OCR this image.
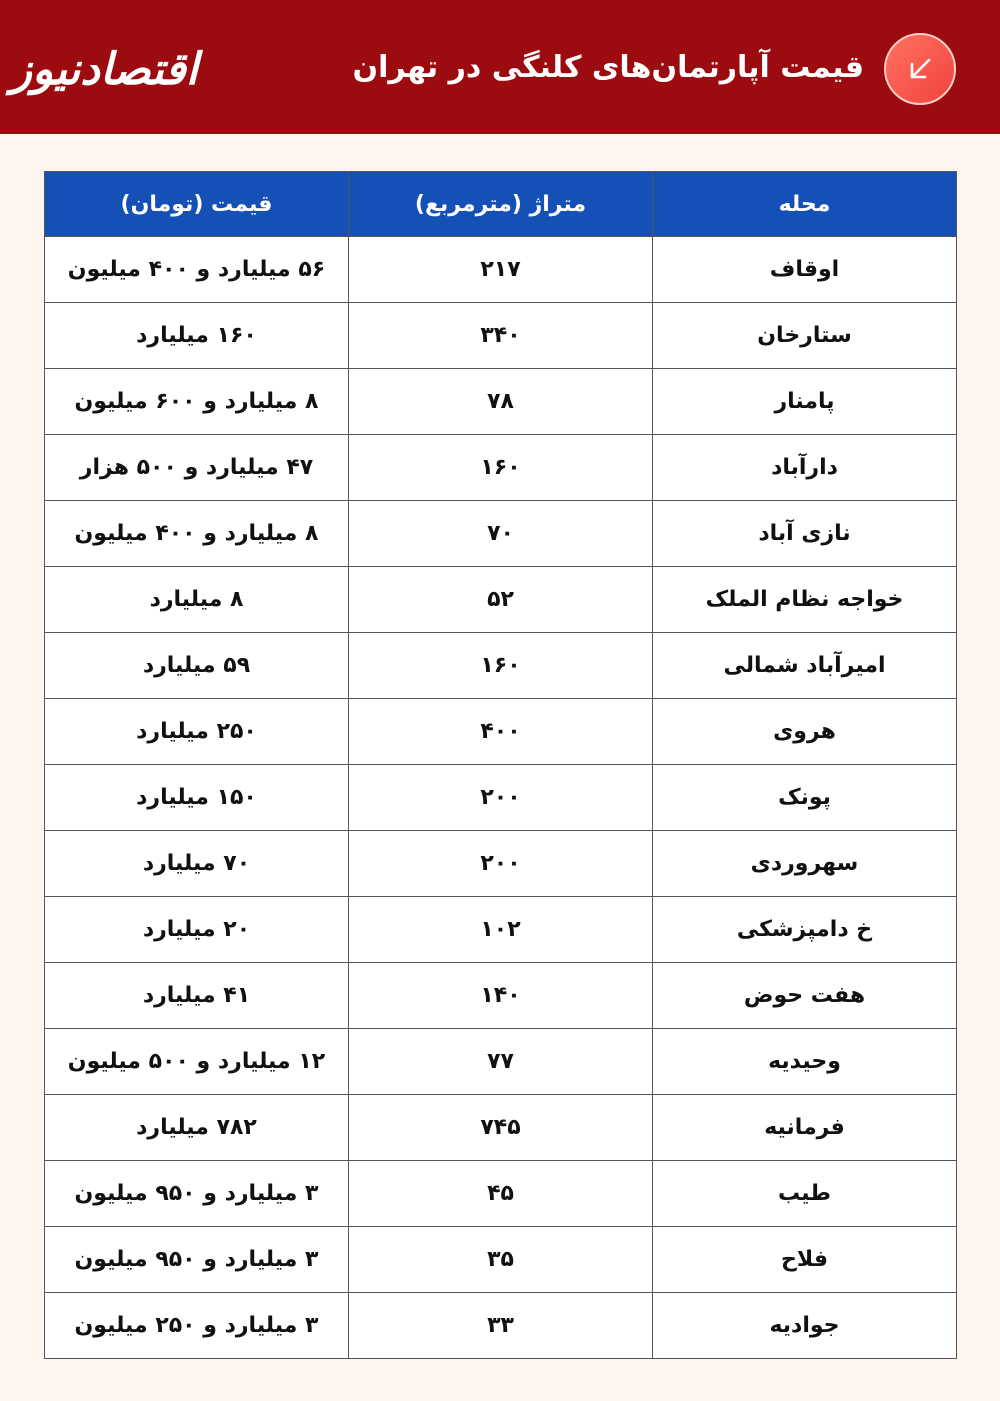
اقتصادنیوز	قیمت آپارتمان‌های کلنگی در تهران
محله	متراژ (مترمربع)	قیمت (تومان)
اوقاف	۲۱۷	۵۶ میلیارد و ۴۰۰ میلیون
ستارخان	۳۴۰	۱۶۰ میلیارد
پامنار	۷۸	۸ میلیارد و ۶۰۰ میلیون
دارآباد	۱۶۰	۴۷ میلیارد و ۵۰۰ هزار
نازی آباد	۷۰	۸ میلیارد و ۴۰۰ میلیون
خواجه نظام الملک	۵۲	۸ میلیارد
امیرآباد شمالی	۱۶۰	۵۹ میلیارد
هروی	۴۰۰	۲۵۰ میلیارد
پونک	۲۰۰	۱۵۰ میلیارد
سهروردی	۲۰۰	۷۰ میلیارد
خ دامپزشکی	۱۰۲	۲۰ میلیارد
هفت حوض	۱۴۰	۴۱ میلیارد
وحیدیه	۷۷	۱۲ میلیارد و ۵۰۰ میلیون
فرمانیه	۷۴۵	۷۸۲ میلیارد
طیب	۴۵	۳ میلیارد و ۹۵۰ میلیون
فلاح	۳۵	۳ میلیارد و ۹۵۰ میلیون
جوادیه	۳۳	۳ میلیارد و ۲۵۰ میلیون
